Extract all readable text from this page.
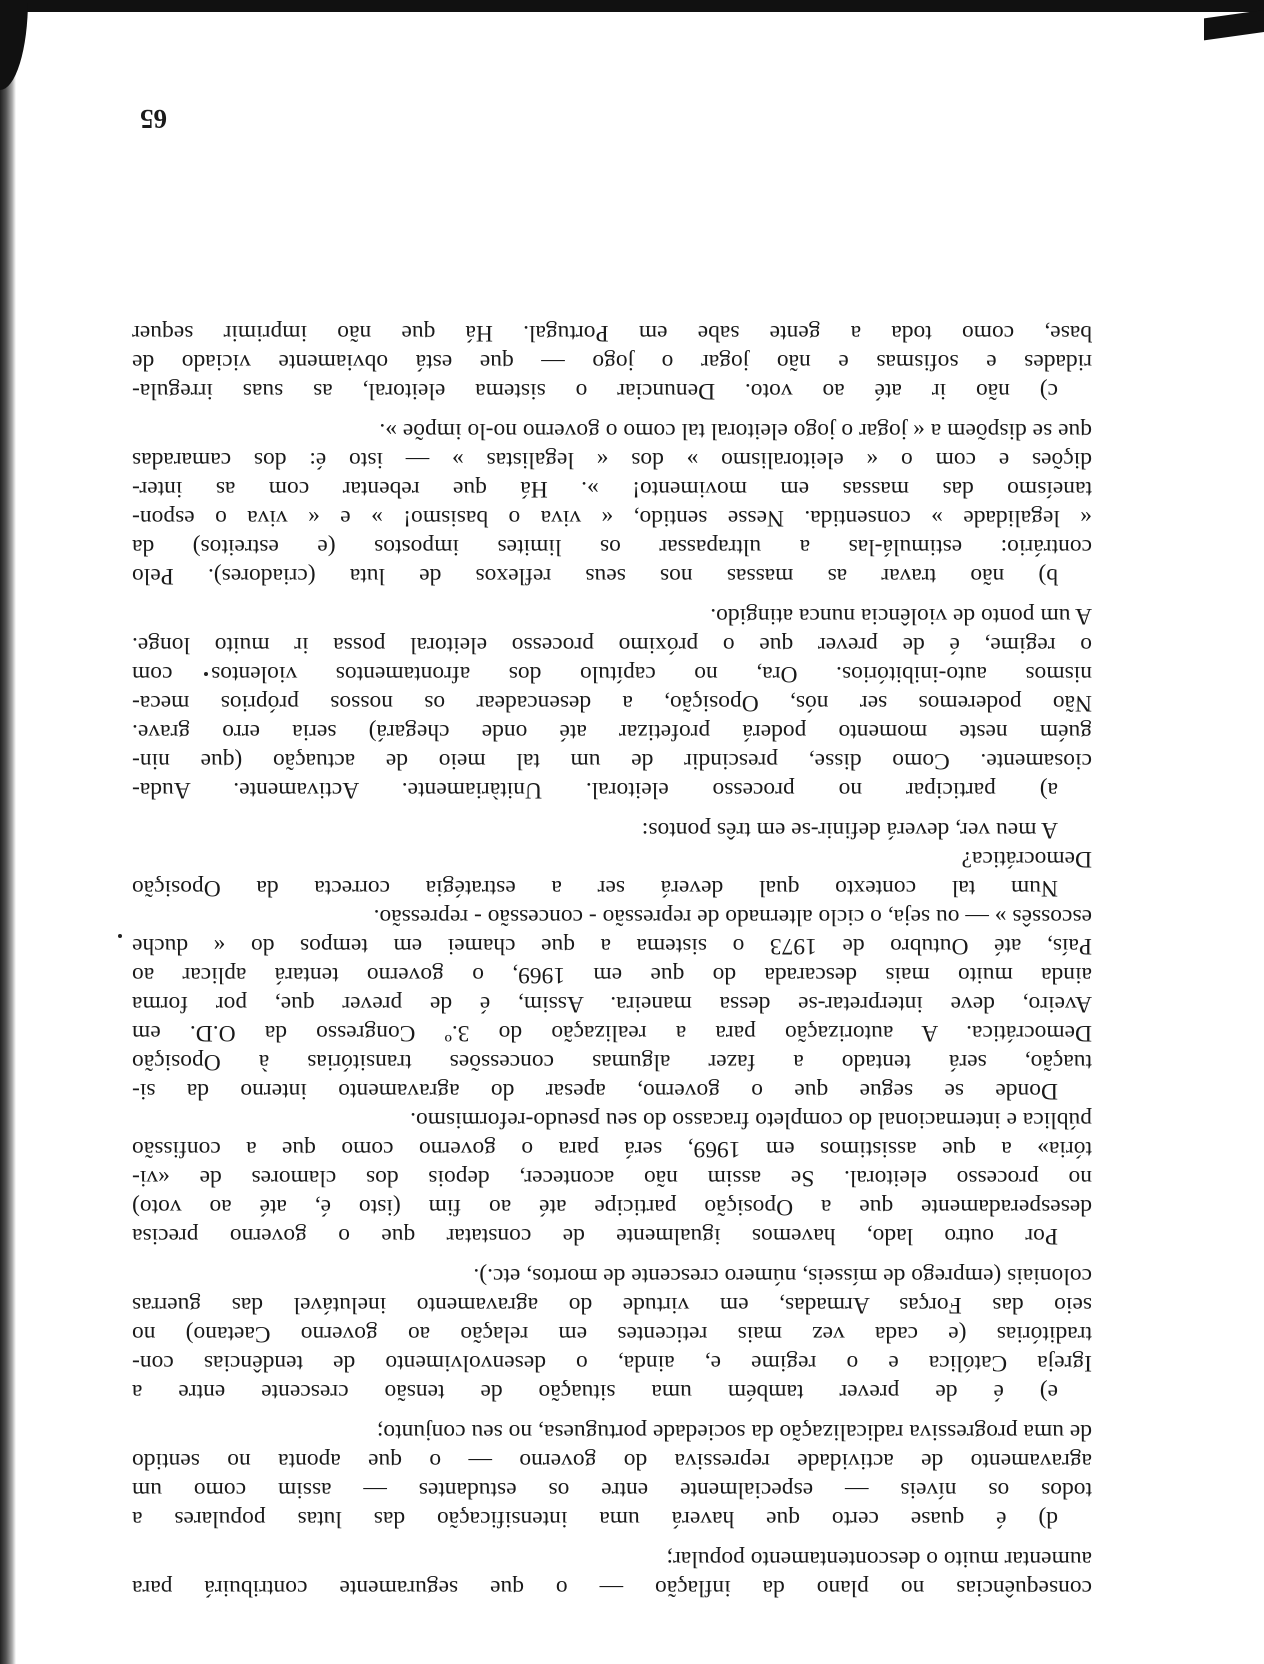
consequências no plano da inflação — o que seguramente contribuirá para
aumentar muito o descontentamento popular;
d) é quase certo que haverá uma intensificação das lutas populares a
todos os níveis — especialmente entre os estudantes — assim como um
agravamento de actividade repressiva do governo — o que aponta no sentido
de uma progressiva radicalização da sociedade portuguesa, no seu conjunto;
e) é de prever também uma situação de tensão crescente entre a
Igreja Católica e o regime e, ainda, o desenvolvimento de tendências con-
traditórias (e cada vez mais reticentes em relação ao governo Caetano) no
seio das Forças Armadas, em virtude do agravamento inelutável das guerras
coloniais (emprego de mísseis, número crescente de mortos, etc.).
Por outro lado, havemos igualmente de constatar que o governo precisa
desesperadamente que a Oposição participe até ao fim (isto é, até ao voto)
no processo eleitoral. Se assim não acontecer, depois dos clamores de «vi-
tória» a que assistimos em 1969, será para o governo como que a confissão
pública e internacional do completo fracasso do seu pseudo-reformismo.
Donde se segue que o governo, apesar do agravamento interno da si-
tuação, será tentado a fazer algumas concessões transitórias à Oposição
Democrática. A autorização para a realização do 3.º Congresso da O.D. em
Aveiro, deve interpretar-se dessa maneira. Assim, é de prever que, por forma
ainda muito mais descarada do que em 1969, o governo tentará aplicar ao
País, até Outubro de 1973 o sistema a que chamei em tempos do « duche
escossês » — ou seja, o ciclo alternado de repressão - concessão - repressão.
Num tal contexto qual deverá ser a estratégia correcta da Oposição
Democrática?
A meu ver, deverá definir-se em três pontos:
a) participar no processo eleitoral. Unitàriamente. Activamente. Auda-
ciosamente. Como disse, prescindir de um tal meio de actuação (que nin-
guém neste momento poderá profetizar até onde chegará) seria erro grave.
Não poderemos ser nós, Oposição, a desencadear os nossos próprios meca-
nismos auto-inibitórios. Ora, no capítulo dos afrontamentos violentos com
o regime, é de prever que o próximo processo eleitoral possa ir muito longe.
A um ponto de violência nunca atingido.
b) não travar as massas nos seus reflexos de luta (criadores). Pelo
contrário: estimulá-las a ultrapassar os limites impostos (e estreitos) da
« legalidade » consentida. Nesse sentido, « viva o basismo! » e « viva o espon-
taneísmo das massas em movimento! ». Há que rebentar com as inter-
dições e com o « eleitoralismo » dos « legalistas » — isto é: dos camaradas
que se dispõem a « jogar o jogo eleitoral tal como o governo no-lo impõe ».
c) não ir até ao voto. Denunciar o sistema eleitoral, as suas irregula-
ridades e sofismas e não jogar o jogo — que está obviamente viciado de
base, como toda a gente sabe em Portugal. Há que não imprimir sequer
65
